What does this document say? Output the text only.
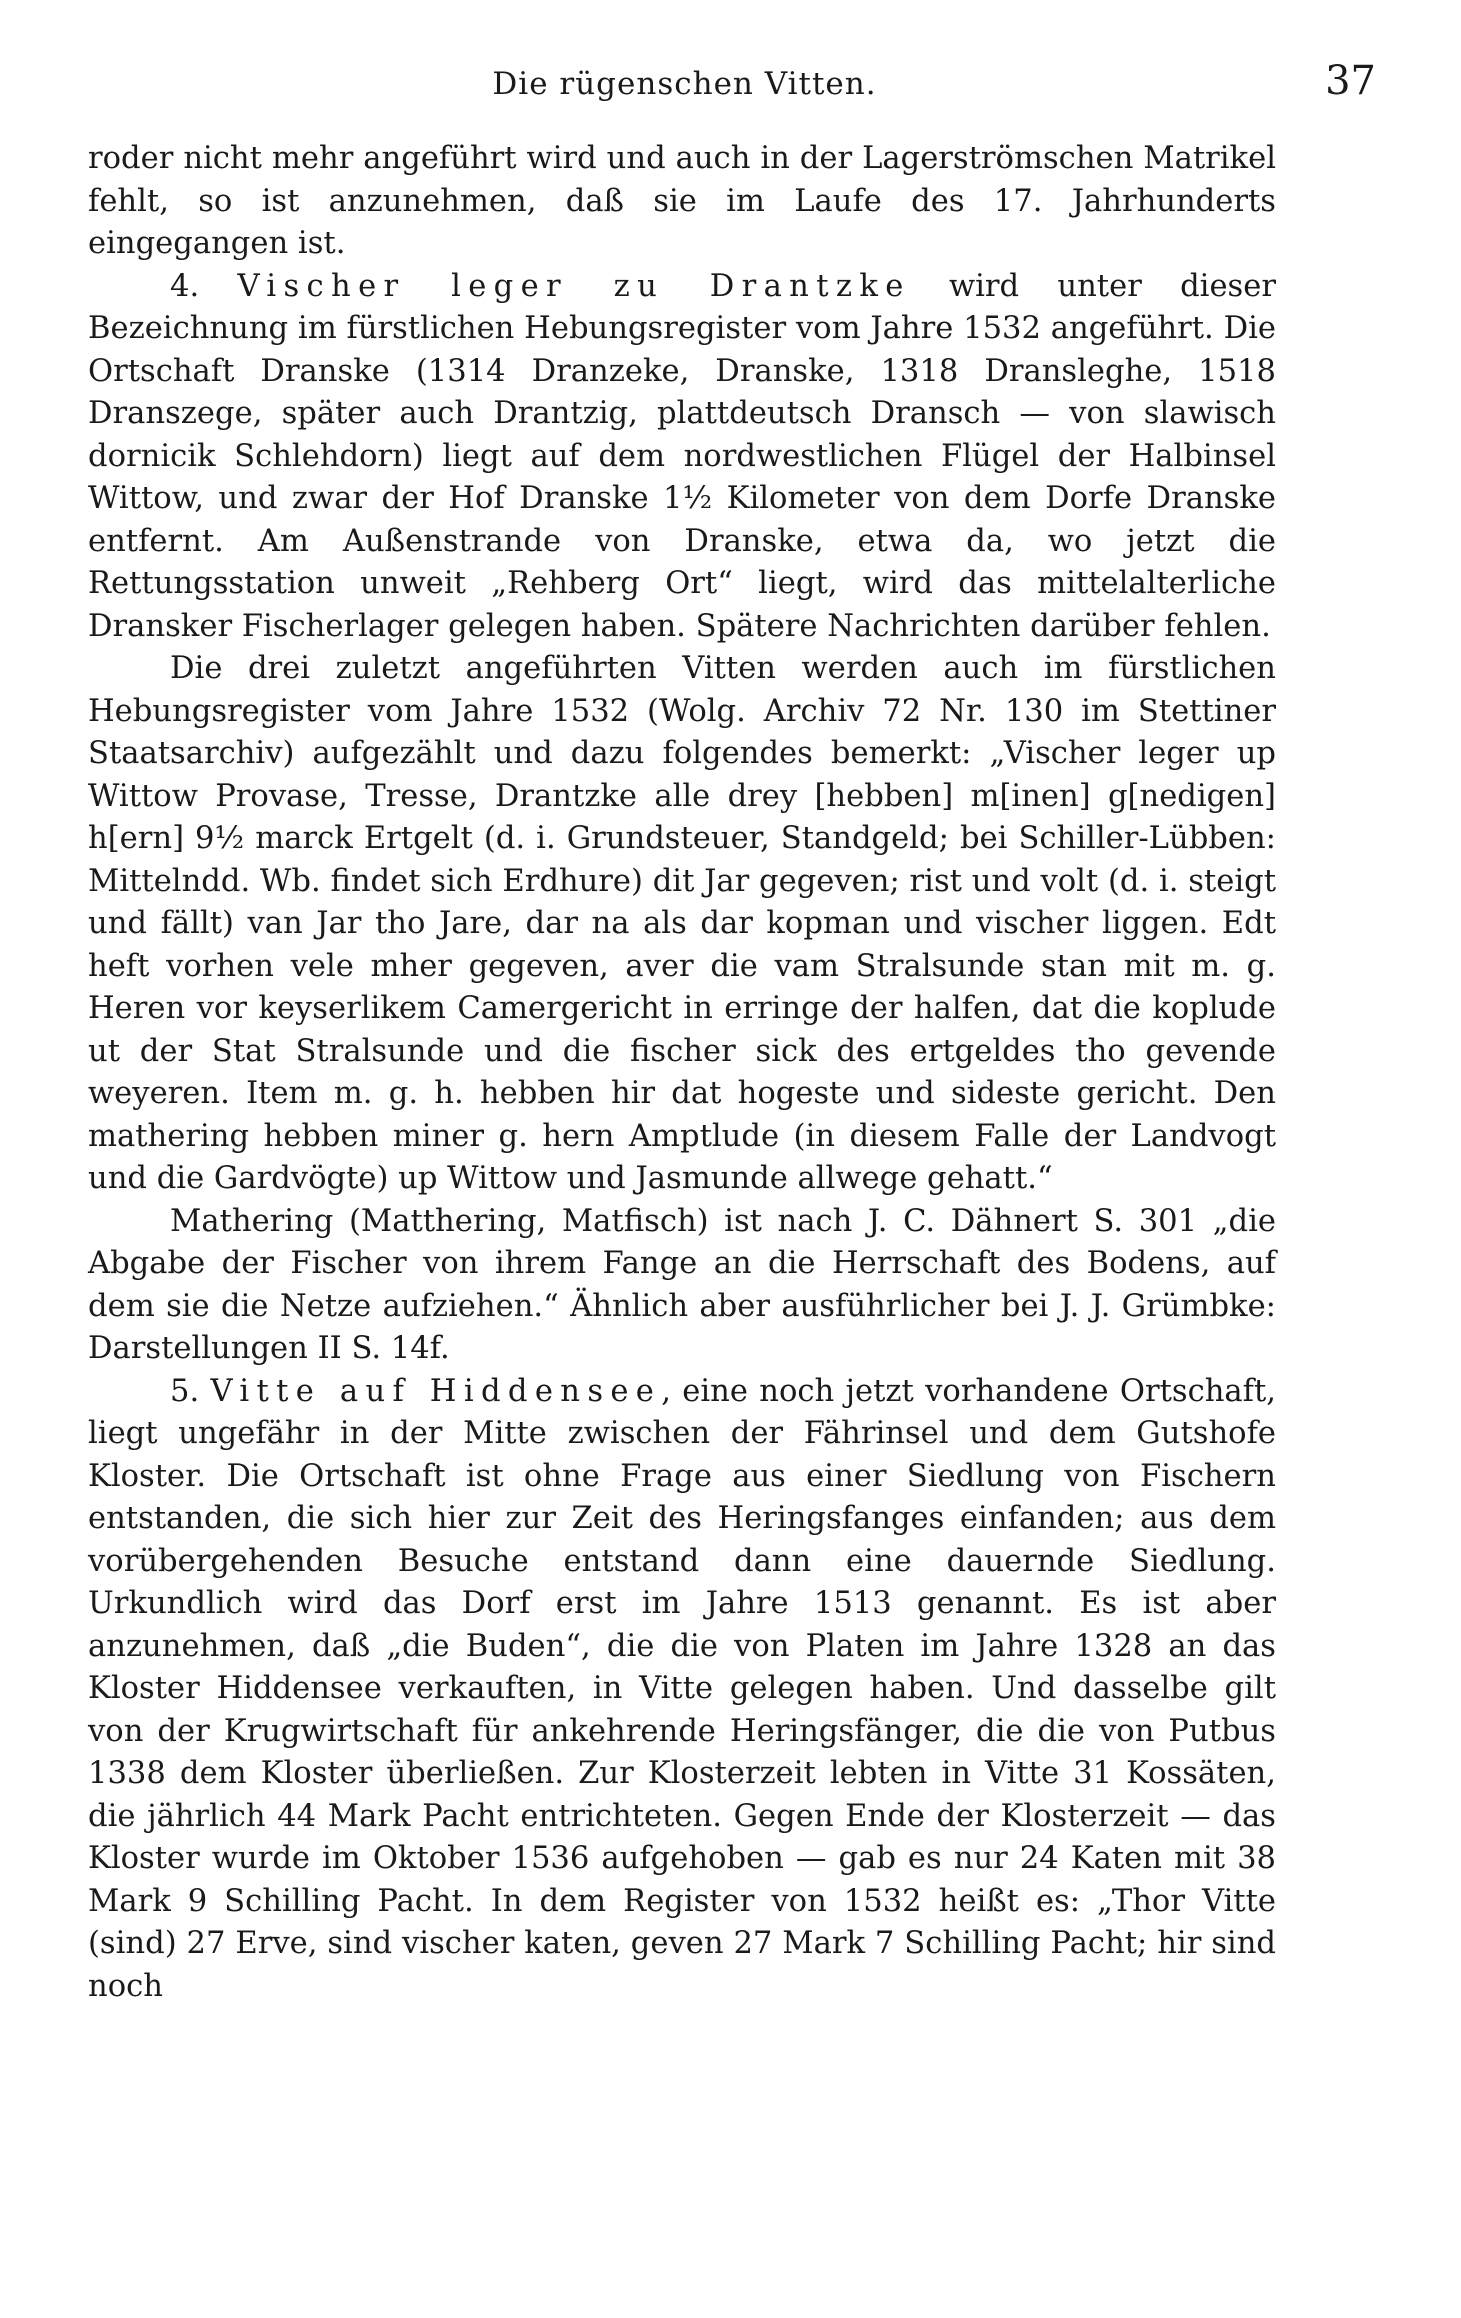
Die rügenschen Vitten.	37

roder nicht mehr angeführt wird und auch in der Lagerströmschen Matrikel fehlt, so ist anzunehmen, daß sie im Laufe des 17. Jahrhunderts eingegangen ist.

4. Vischer leger zu Drantzke wird unter dieser Bezeichnung im fürstlichen Hebungsregister vom Jahre 1532 angeführt. Die Ortschaft Dranske (1314 Dranzeke, Dranske, 1318 Dransleghe, 1518 Dranszege, später auch Drantzig, plattdeutsch Dransch — von slawisch dornicik Schlehdorn) liegt auf dem nordwestlichen Flügel der Halbinsel Wittow, und zwar der Hof Dranske 1½ Kilometer von dem Dorfe Dranske entfernt. Am Außenstrande von Dranske, etwa da, wo jetzt die Rettungsstation unweit „Rehberg Ort“ liegt, wird das mittelalterliche Dransker Fischerlager gelegen haben. Spätere Nachrichten darüber fehlen.

Die drei zuletzt angeführten Vitten werden auch im fürstlichen Hebungsregister vom Jahre 1532 (Wolg. Archiv 72 Nr. 130 im Stettiner Staatsarchiv) aufgezählt und dazu folgendes bemerkt: „Vischer leger up Wittow Provase, Tresse, Drantzke alle drey [hebben] m[inen] g[nedigen] h[ern] 9½ marck Ertgelt (d. i. Grundsteuer, Standgeld; bei Schiller-Lübben: Mittelndd. Wb. findet sich Erdhure) dit Jar gegeven; rist und volt (d. i. steigt und fällt) van Jar tho Jare, dar na als dar kopman und vischer liggen. Edt heft vorhen vele mher gegeven, aver die vam Stralsunde stan mit m. g. Heren vor keyserlikem Camergericht in erringe der halfen, dat die koplude ut der Stat Stralsunde und die fischer sick des ertgeldes tho gevende weyeren. Item m. g. h. hebben hir dat hogeste und sideste gericht. Den mathering hebben miner g. hern Amptlude (in diesem Falle der Landvogt und die Gardvögte) up Wittow und Jasmunde allwege gehatt.“

Mathering (Matthering, Matfisch) ist nach J. C. Dähnert S. 301 „die Abgabe der Fischer von ihrem Fange an die Herrschaft des Bodens, auf dem sie die Netze aufziehen.“ Ähnlich aber ausführlicher bei J. J. Grümbke: Darstellungen II S. 14f.

5. Vitte auf Hiddensee, eine noch jetzt vorhandene Ortschaft, liegt ungefähr in der Mitte zwischen der Fährinsel und dem Gutshofe Kloster. Die Ortschaft ist ohne Frage aus einer Siedlung von Fischern entstanden, die sich hier zur Zeit des Heringsfanges einfanden; aus dem vorübergehenden Besuche entstand dann eine dauernde Siedlung. Urkundlich wird das Dorf erst im Jahre 1513 genannt. Es ist aber anzunehmen, daß „die Buden“, die die von Platen im Jahre 1328 an das Kloster Hiddensee verkauften, in Vitte gelegen haben. Und dasselbe gilt von der Krugwirtschaft für ankehrende Heringsfänger, die die von Putbus 1338 dem Kloster überließen. Zur Klosterzeit lebten in Vitte 31 Kossäten, die jährlich 44 Mark Pacht entrichteten. Gegen Ende der Klosterzeit — das Kloster wurde im Oktober 1536 aufgehoben — gab es nur 24 Katen mit 38 Mark 9 Schilling Pacht. In dem Register von 1532 heißt es: „Thor Vitte (sind) 27 Erve, sind vischer katen, geven 27 Mark 7 Schilling Pacht; hir sind noch
